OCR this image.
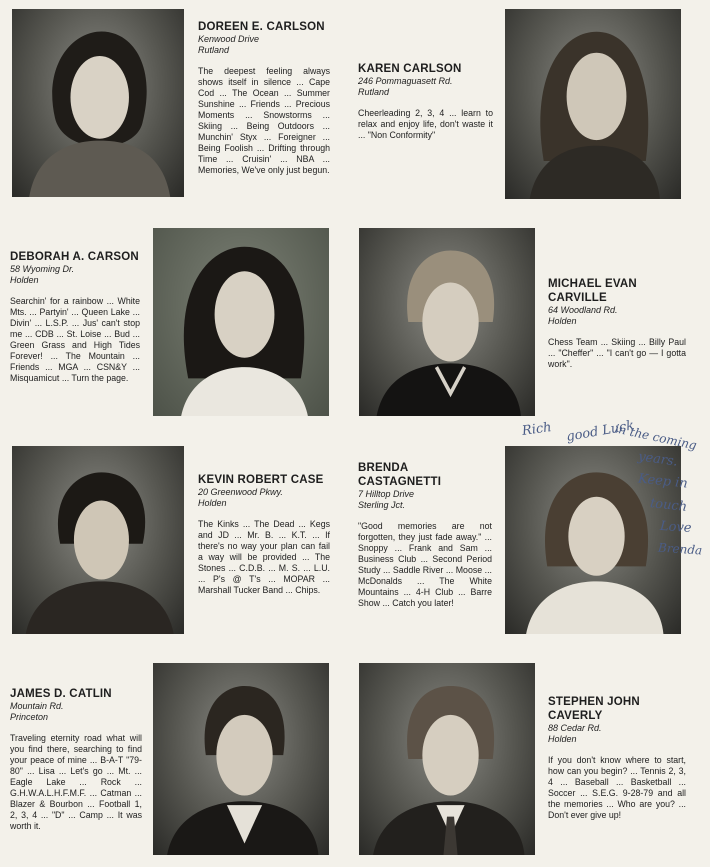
DOREEN E. CARLSON
Kenwood Drive
Rutland
The deepest feeling always shows itself in silence ... Cape Cod ... The Ocean ... Summer Sunshine ... Friends ... Precious Moments ... Snowstorms ... Skiing ... Being Outdoors ... Munchin' Styx ... Foreigner ... Being Foolish ... Drifting through Time ... Cruisin' ... NBA ... Memories, We've only just begun.
KAREN CARLSON
246 Pommaguasett Rd.
Rutland
Cheerleading 2, 3, 4 ... learn to relax and enjoy life, don't waste it ... "Non Conformity"
DEBORAH A. CARSON
58 Wyoming Dr.
Holden
Searchin' for a rainbow ... White Mts. ... Partyin' ... Queen Lake ... Divin' ... L.S.P. ... Jus' can't stop me ... CDB ... St. Loise ... Bud ... Green Grass and High Tides Forever! ... The Mountain ... Friends ... MGA ... CSN&Y ... Misquamicut ... Turn the page.
MICHAEL EVAN CARVILLE
64 Woodland Rd.
Holden
Chess Team ... Skiing ... Billy Paul ... "Cheffer" ... "I can't go — I gotta work".
KEVIN ROBERT CASE
20 Greenwood Pkwy.
Holden
The Kinks ... The Dead ... Kegs and JD ... Mr. B. ... K.T. ... If there's no way your plan can fail a way will be provided ... The Stones ... C.D.B. ... M. S. ... L.U. ... P's @ T's ... MOPAR ... Marshall Tucker Band ... Chips.
BRENDA CASTAGNETTI
7 Hilltop Drive
Sterling Jct.
"Good memories are not forgotten, they just fade away." ... Snoppy ... Frank and Sam ... Business Club ... Second Period Study ... Saddle River ... Moose ... McDonalds ... The White Mountains ... 4-H Club ... Barre Show ... Catch you later!
JAMES D. CATLIN
Mountain Rd.
Princeton
Traveling eternity road what will you find there, searching to find your peace of mine ... B-A-T "79-80" ... Lisa ... Let's go ... Mt. ... Eagle Lake ... Rock ... G.H.W.A.L.H.F.M.F. ... Catman ... Blazer & Bourbon ... Football 1, 2, 3, 4 ... "D" ... Camp ... It was worth it.
STEPHEN JOHN CAVERLY
88 Cedar Rd.
Holden
If you don't know where to start, how can you begin? ... Tennis 2, 3, 4 ... Baseball ... Basketball ... Soccer ... S.E.G. 9-28-79 and all the memories ... Who are you? ... Don't ever give up!
Rich good Luck
in the coming
years.
Keep in
touch
Love
Brenda
